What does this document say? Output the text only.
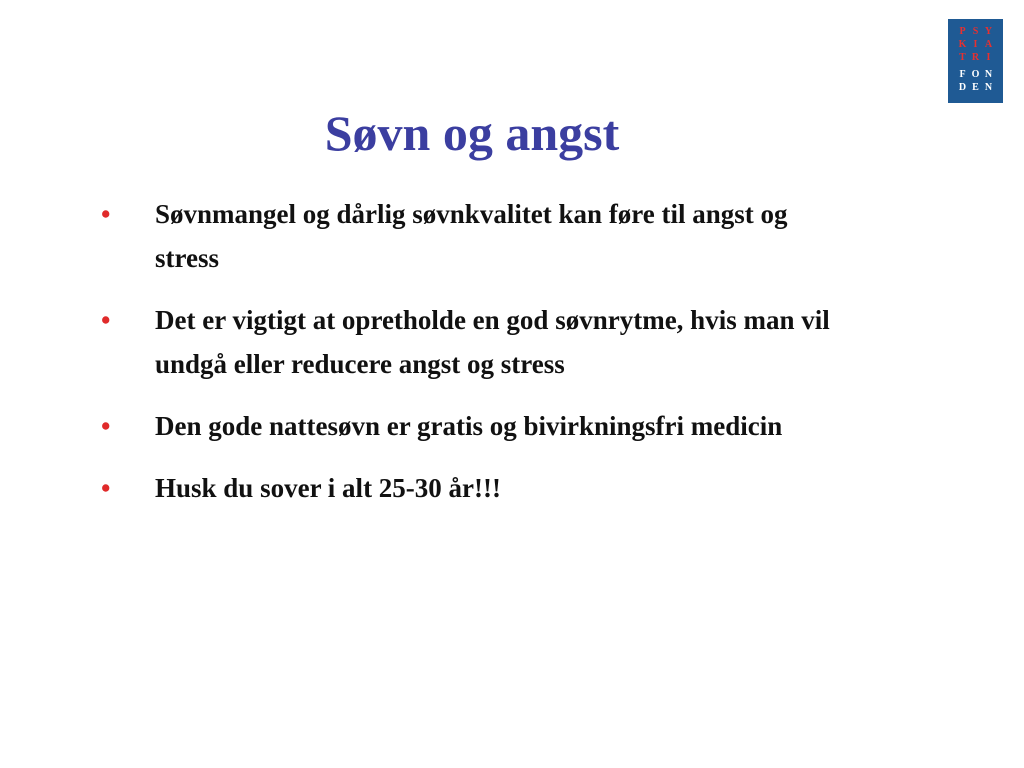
P S Y
K I A
T R I
F O N
D E N
Søvn og angst
• Søvnmangel og dårlig søvnkvalitet kan føre til angst og stress
• Det er vigtigt at opretholde en god søvnrytme, hvis man vil undgå eller reducere angst og stress
• Den gode nattesøvn er gratis og bivirkningsfri medicin
• Husk du sover i alt 25-30 år!!!
